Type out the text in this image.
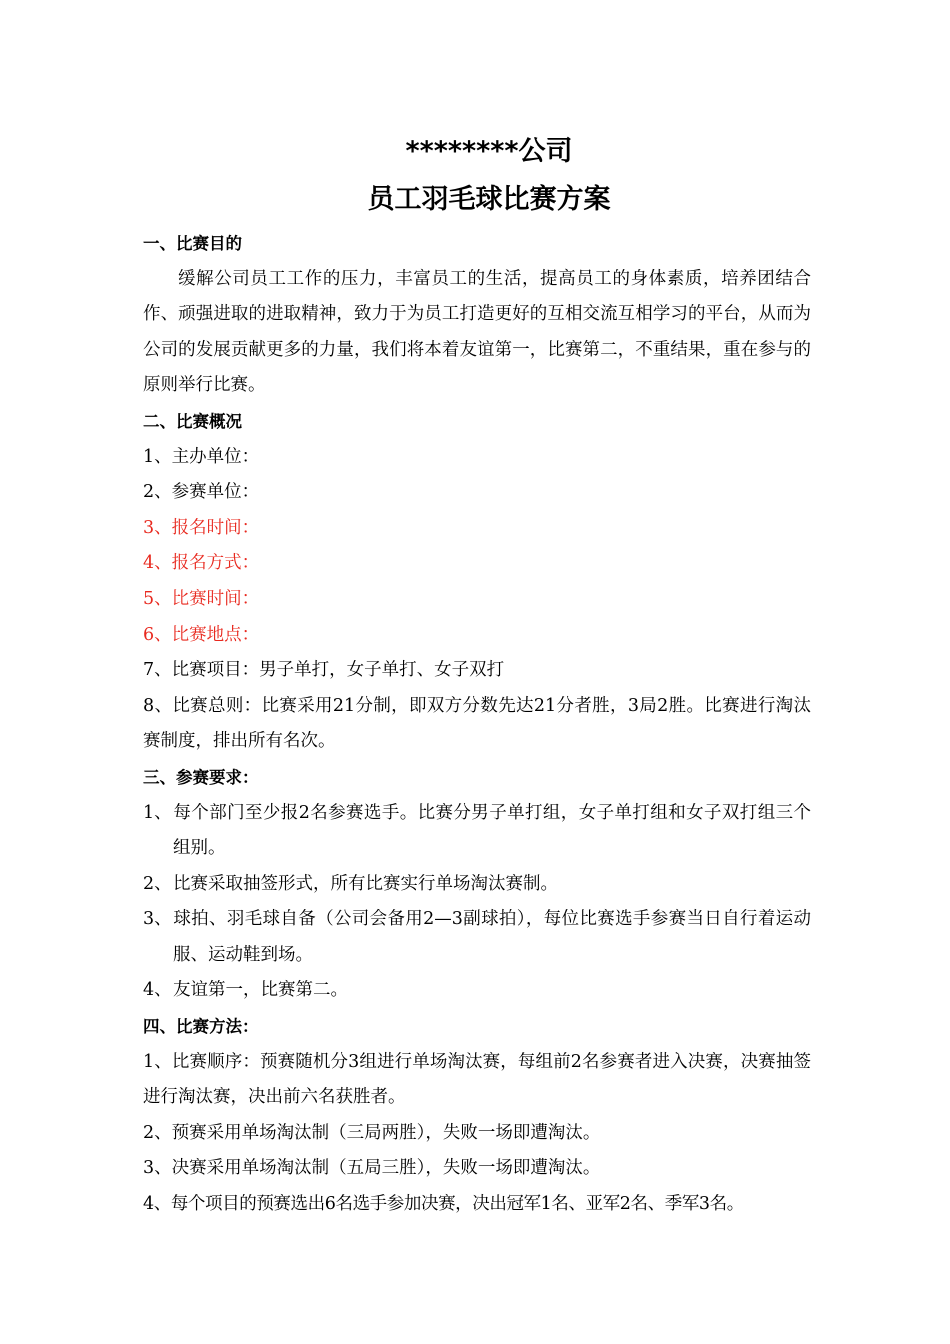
********公司

员工羽毛球比赛方案

一、比赛目的

缓解公司员工工作的压力，丰富员工的生活，提高员工的身体素质，培养团结合作、顽强进取的进取精神，致力于为员工打造更好的互相交流互相学习的平台，从而为公司的发展贡献更多的力量，我们将本着友谊第一，比赛第二，不重结果，重在参与的原则举行比赛。

二、比赛概况

1、主办单位：

2、参赛单位：

3、报名时间：

4、报名方式：

5、比赛时间：

6、比赛地点：

7、比赛项目：男子单打，女子单打、女子双打

8、比赛总则：比赛采用21分制，即双方分数先达21分者胜，3局2胜。比赛进行淘汰赛制度，排出所有名次。

三、参赛要求：

1、每个部门至少报2名参赛选手。比赛分男子单打组，女子单打组和女子双打组三个组别。

2、比赛采取抽签形式，所有比赛实行单场淘汰赛制。

3、球拍、羽毛球自备（公司会备用2—3副球拍），每位比赛选手参赛当日自行着运动服、运动鞋到场。

4、友谊第一，比赛第二。

四、比赛方法：

1、比赛顺序：预赛随机分3组进行单场淘汰赛，每组前2名参赛者进入决赛，决赛抽签进行淘汰赛，决出前六名获胜者。

2、预赛采用单场淘汰制（三局两胜），失败一场即遭淘汰。

3、决赛采用单场淘汰制（五局三胜），失败一场即遭淘汰。

4、每个项目的预赛选出6名选手参加决赛，决出冠军1名、亚军2名、季军3名。
